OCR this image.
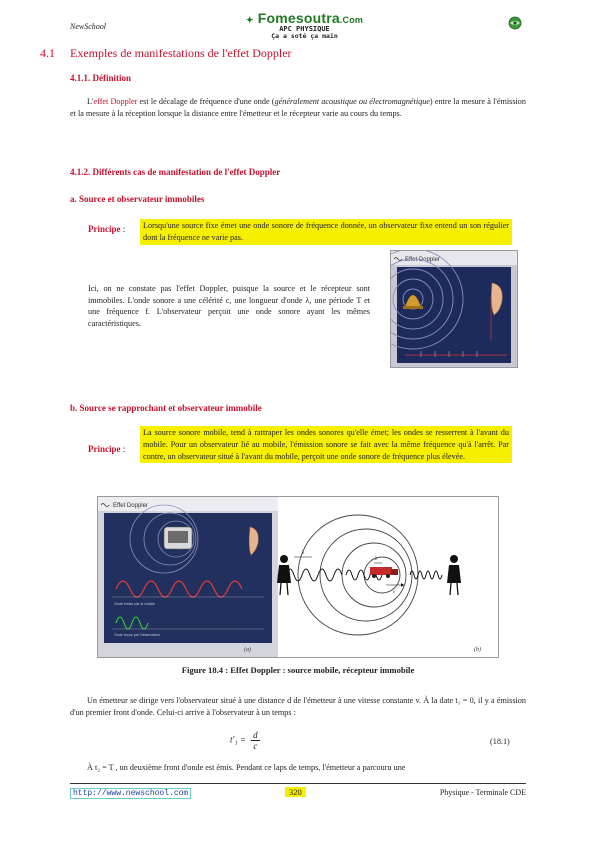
NewSchool
✦ Fomesoutra.Com
APC PHYSIQUE
Ça a soté ça main
4.1 Exemples de manifestations de l'effet Doppler
4.1.1. Définition
L'effet Doppler est le décalage de fréquence d'une onde (généralement acoustique ou électromagnétique) entre la mesure à l'émission et la mesure à la réception lorsque la distance entre l'émetteur et le récepteur varie au cours du temps.
4.1.2. Différents cas de manifestation de l'effet Doppler
a. Source et observateur immobiles
Principe :	Lorsqu'une source fixe émet une onde sonore de fréquence donnée, un observateur fixe entend un son régulier dont la fréquence ne varie pas.
Ici, on ne constate pas l'effet Doppler, puisque la source et le récepteur sont immobiles. L'onde sonore a une célérité c, une longueur d'onde λ, une période T et une fréquence f. L'observateur perçoit une onde sonore ayant les mêmes caractéristiques.
Effet Doppler
b. Source se rapprochant et observateur immobile
Principe :
La source sonore mobile, tend à rattraper les ondes sonores qu'elle émet; les ondes se resserrent à l'avant du mobile. Pour un observateur lié au mobile, l'émission sonore se fait avec la même fréquence qu'à l'arrêt. Par contre, un observateur situé à l'avant du mobile, perçoit une onde sonore de fréquence plus élevée.
Effet Doppler
Onde émise par le mobile
Onde reçue par l'observateur
(a)
v
λ
λ
(b)
Figure 18.4 : Effet Doppler : source mobile, récepteur immobile
Un émetteur se dirige vers l'observateur situé à une distance d de l'émetteur à une vitesse constante v. À la date t₁ = 0, il y a émission d'un premier front d'onde. Celui-ci arrive à l'observateur à un temps :
$t'_1 = \frac{d}{c}$	(18.1)
À t₂ = T , un deuxième front d'onde est émis. Pendant ce laps de temps, l'émetteur a parcouru une
http://www.newschool.com	320	Physique - Terminale CDE
